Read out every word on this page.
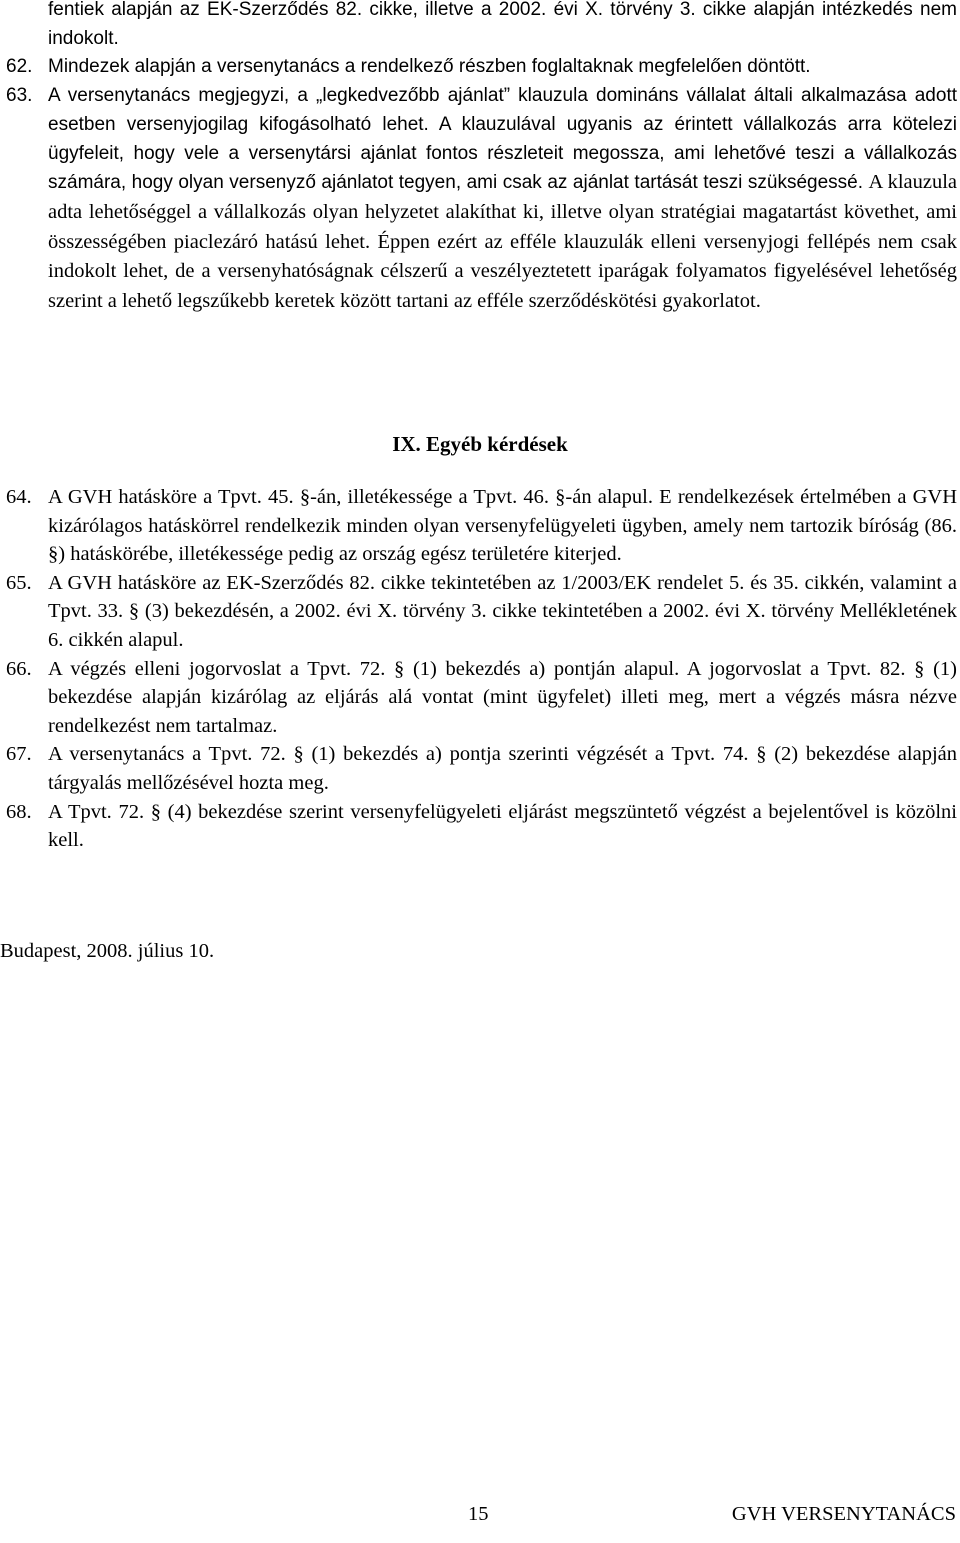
fentiek alapján az EK-Szerződés 82. cikke, illetve a 2002. évi X. törvény 3. cikke alapján intézkedés nem indokolt.
62. Mindezek alapján a versenytanács a rendelkező részben foglaltaknak megfelelően döntött.
63. A versenytanács megjegyzi, a „legkedvezőbb ajánlat” klauzula domináns vállalat általi alkalmazása adott esetben versenyjogilag kifogásolható lehet. A klauzulával ugyanis az érintett vállalkozás arra kötelezi ügyfeleit, hogy vele a versenytársi ajánlat fontos részleteit megossza, ami lehetővé teszi a vállalkozás számára, hogy olyan versenyző ajánlatot tegyen, ami csak az ajánlat tartását teszi szükségessé. A klauzula adta lehetőséggel a vállalkozás olyan helyzetet alakíthat ki, illetve olyan stratégiai magatartást követhet, ami összességében piaclezáró hatású lehet. Éppen ezért az efféle klauzulák elleni versenyjogi fellépés nem csak indokolt lehet, de a versenyhatóságnak célszerű a veszélyeztetett iparágak folyamatos figyelésével lehetőség szerint a lehető legszűkebb keretek között tartani az efféle szerződéskötési gyakorlatot.
IX. Egyéb kérdések
64. A GVH hatásköre a Tpvt. 45. §-án, illetékessége a Tpvt. 46. §-án alapul. E rendelkezések értelmében a GVH kizárólagos hatáskörrel rendelkezik minden olyan versenyfelügyeleti ügyben, amely nem tartozik bíróság (86. §) hatáskörébe, illetékessége pedig az ország egész területére kiterjed.
65. A GVH hatásköre az EK-Szerződés 82. cikke tekintetében az 1/2003/EK rendelet 5. és 35. cikkén, valamint a Tpvt. 33. § (3) bekezdésén, a 2002. évi X. törvény 3. cikke tekintetében a 2002. évi X. törvény Mellékletének 6. cikkén alapul.
66. A végzés elleni jogorvoslat a Tpvt. 72. § (1) bekezdés a) pontján alapul. A jogorvoslat a Tpvt. 82. § (1) bekezdése alapján kizárólag az eljárás alá vontat (mint ügyfelet) illeti meg, mert a végzés másra nézve rendelkezést nem tartalmaz.
67. A versenytanács a Tpvt. 72. § (1) bekezdés a) pontja szerinti végzését a Tpvt. 74. § (2) bekezdése alapján tárgyalás mellőzésével hozta meg.
68. A Tpvt. 72. § (4) bekezdése szerint versenyfelügyeleti eljárást megszüntető végzést a bejelentővel is közölni kell.
Budapest, 2008. július 10.
15	GVH VERSENYTANÁCS
